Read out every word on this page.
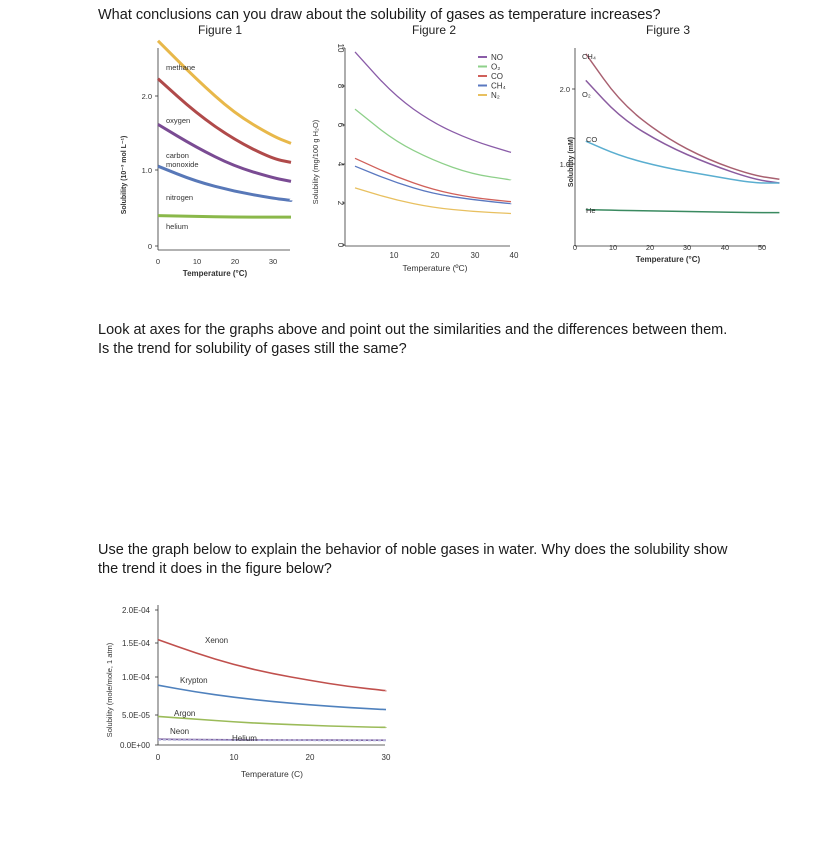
What conclusions can you draw about the solubility of gases as temperature increases?
Figure 1	Figure 2	Figure 3
0
1.0
2.0
0	10	20	30
Solubility (10⁻³ mol L⁻¹)
Temperature (°C)
methane
oxygen
carbon
monoxide
nitrogen
helium
0
2
4
6
8
10
10	20	30	40
Solubility (mg/100 g H₂O)
Temperature (ºC)
NO
O₂
CO
CH₄
N₂
1.0
2.0
0	10	20	30	40	50
Solubility (mM)
Temperature (°C)
CH₄
O₂
CO
He
0.0E+00
5.0E-05
1.0E-04
1.5E-04
2.0E-04
0	10	20	30
Solubility (mole/mole, 1 atm)
Temperature (C)
Xenon
Krypton
Argon
Neon
Helium
Look at axes for the graphs above and point out the similarities and the differences between them. Is the trend for solubility of gases still the same?
Use the graph below to explain the behavior of noble gases in water. Why does the solubility show the trend it does in the figure below?
